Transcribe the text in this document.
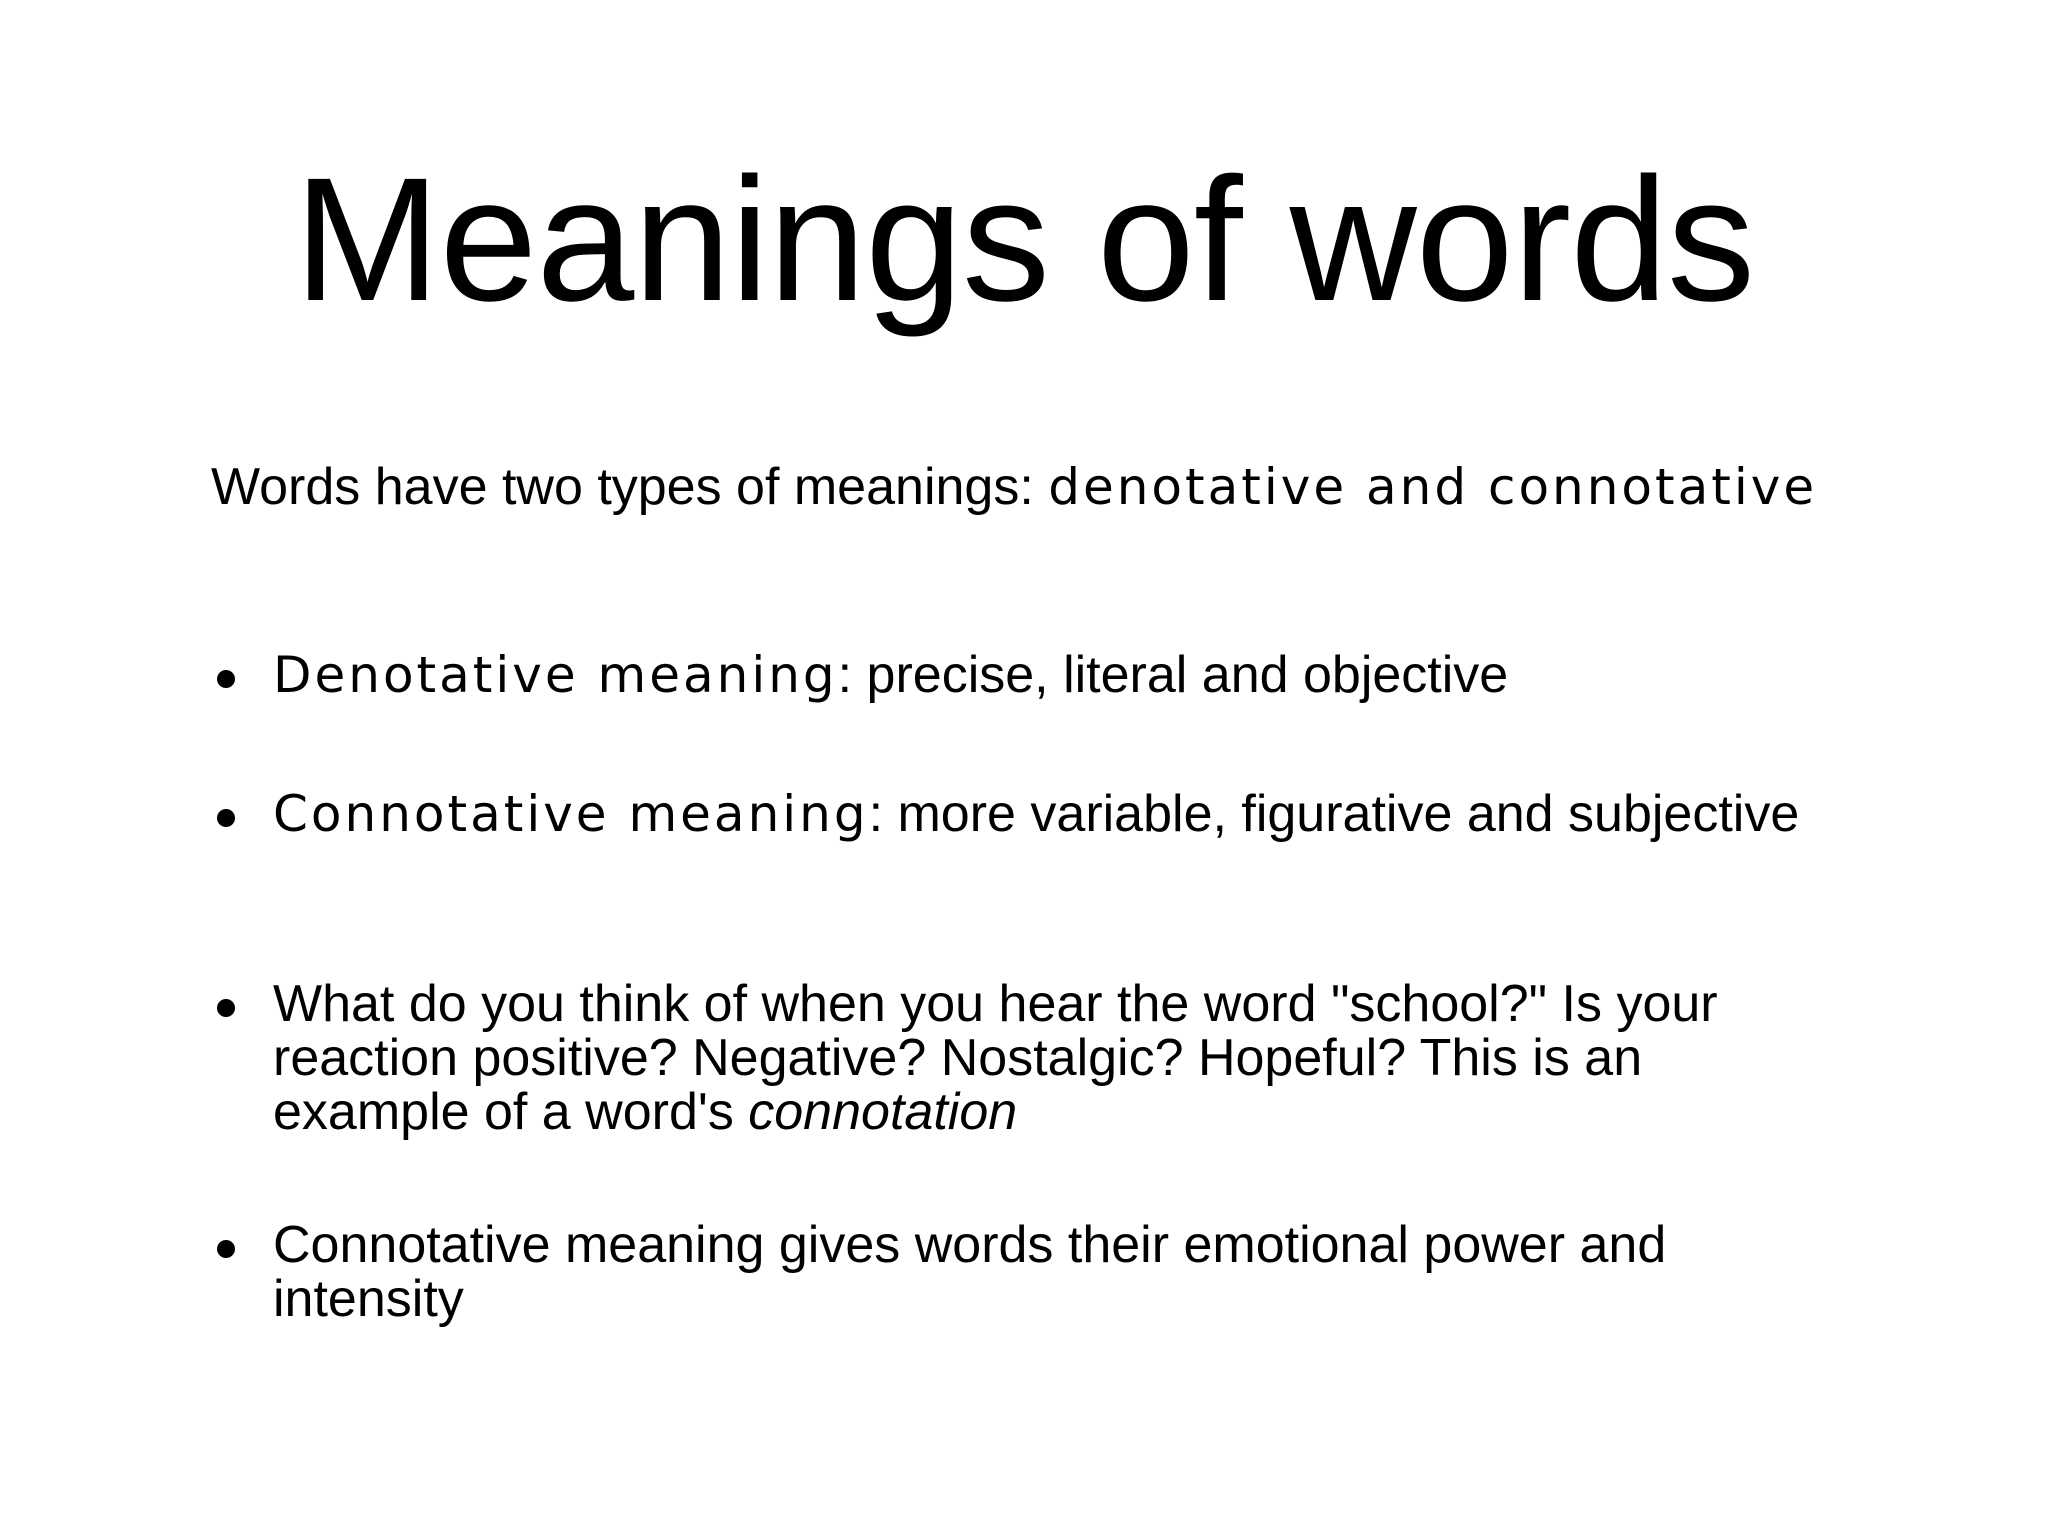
Meanings of words

Words have two types of meanings: denotative and connotative

Denotative meaning: precise, literal and objective
Connotative meaning: more variable, figurative and subjective
What do you think of when you hear the word "school?" Is your reaction positive? Negative? Nostalgic? Hopeful? This is an example of a word's connotation
Connotative meaning gives words their emotional power and intensity
